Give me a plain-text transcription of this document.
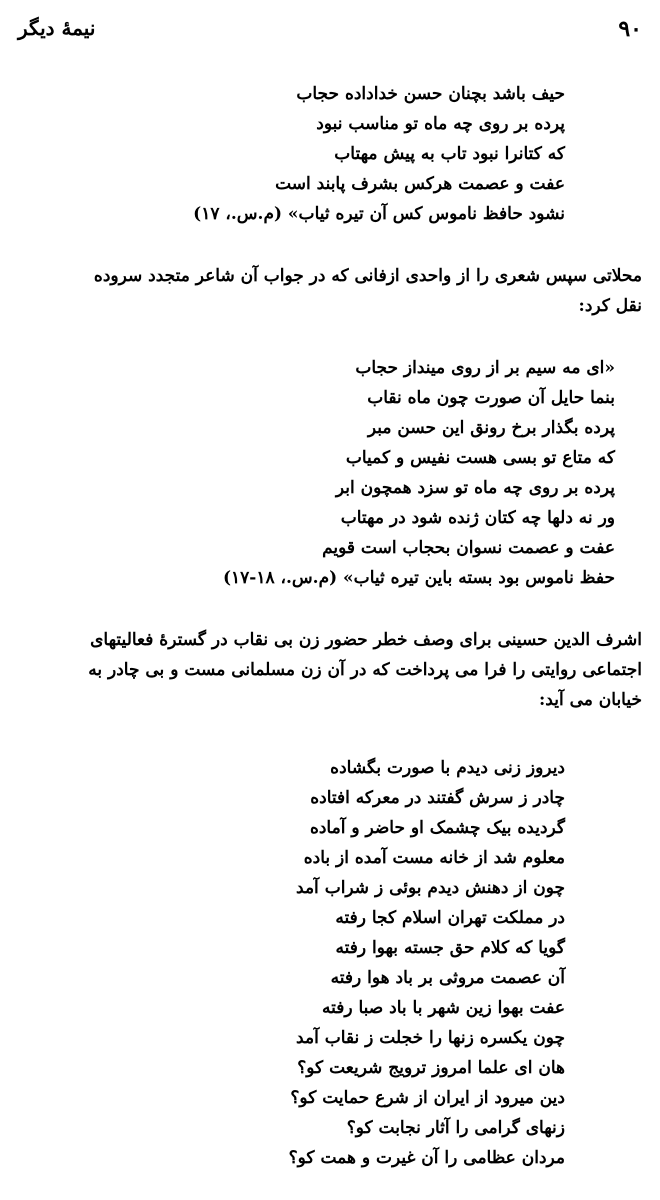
۹۰
نیمهٔ دیگر
حیف باشد بچنان حسن خداداده حجاب
پرده بر روی چه ماه تو مناسب نبود
که کتانرا نبود تاب به پیش مهتاب
عفت و عصمت هرکس بشرف پابند است
نشود حافظ ناموس کس آن تیره ثیاب» (م.س.، ۱۷)
محلاتی سپس شعری را از واحدی ازفانی که در جواب آن شاعر متجدد سروده
نقل کرد:
«ای مه سیم بر از روی مینداز حجاب
بنما حایل آن صورت چون ماه نقاب
پرده بگذار برخ رونق این حسن مبر
که متاع تو بسی هست نفیس و کمیاب
پرده بر روی چه ماه تو سزد همچون ابر
ور نه دلها چه کتان ژنده شود در مهتاب
عفت و عصمت نسوان بحجاب است قویم
حفظ ناموس بود بسته باین تیره ثیاب» (م.س.، ۱۸-۱۷)
اشرف الدین حسینی برای وصف خطر حضور زن بی نقاب در گسترهٔ فعالیتهای
اجتماعی روایتی را فرا می پرداخت که در آن زن مسلمانی مست و بی چادر به
خیابان می آید:
دیروز زنی دیدم با صورت بگشاده
چادر ز سرش گفتند در معرکه افتاده
گردیده بیک چشمک او حاضر و آماده
معلوم شد از خانه مست آمده از باده
چون از دهنش دیدم بوئی ز شراب آمد
در مملکت تهران اسلام کجا رفته
گویا که کلام حق جسته بهوا رفته
آن عصمت مروثی بر باد هوا رفته
عفت بهوا زین شهر با باد صبا رفته
چون یکسره زنها را خجلت ز نقاب آمد
هان ای علما امروز ترویج شریعت کو؟
دین میرود از ایران از شرع حمایت کو؟
زنهای گرامی را آثار نجابت کو؟
مردان عظامی را آن غیرت و همت کو؟
